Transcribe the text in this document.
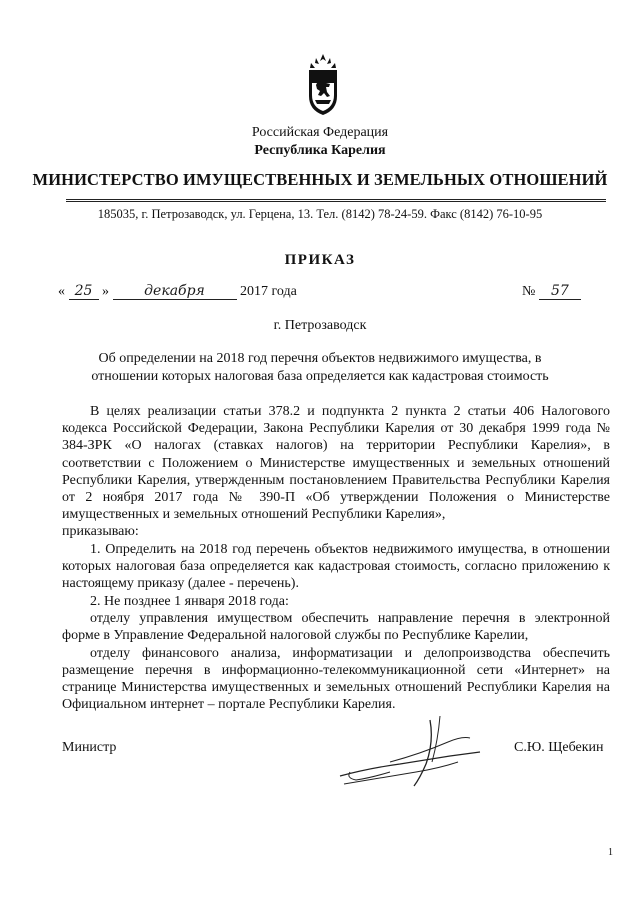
Российская Федерация
Республика Карелия
МИНИСТЕРСТВО ИМУЩЕСТВЕННЫХ И ЗЕМЕЛЬНЫХ ОТНОШЕНИЙ
185035, г. Петрозаводск, ул. Герцена, 13. Тел. (8142) 78-24-59. Факс (8142) 76-10-95
ПРИКАЗ
« 25 »	декабря	2017 года	№ 57
г. Петрозаводск
Об определении на 2018 год перечня объектов недвижимого имущества, в
отношении которых налоговая база определяется как кадастровая стоимость

В целях реализации статьи 378.2 и подпункта 2 пункта 2 статьи 406 Налогового кодекса Российской Федерации, Закона Республики Карелия от 30 декабря 1999 года № 384-ЗРК «О налогах (ставках налогов) на территории Республики Карелия», в соответствии с Положением о Министерстве имущественных и земельных отношений Республики Карелия, утвержденным постановлением Правительства Республики Карелия от 2 ноября 2017 года № 390-П «Об утверждении Положения о Министерстве имущественных и земельных отношений Республики Карелия»,

приказываю:

1. Определить на 2018 год перечень объектов недвижимого имущества, в отношении которых налоговая база определяется как кадастровая стоимость, согласно приложению к настоящему приказу (далее - перечень).

2. Не позднее 1 января 2018 года:

отделу управления имуществом обеспечить направление перечня в электронной форме в Управление Федеральной налоговой службы по Республике Карелии,

отделу финансового анализа, информатизации и делопроизводства обеспечить размещение перечня в информационно-телекоммуникационной сети «Интернет» на странице Министерства имущественных и земельных отношений Республики Карелия на Официальном интернет – портале Республики Карелия.

Министр	С.Ю. Щебекин
1
